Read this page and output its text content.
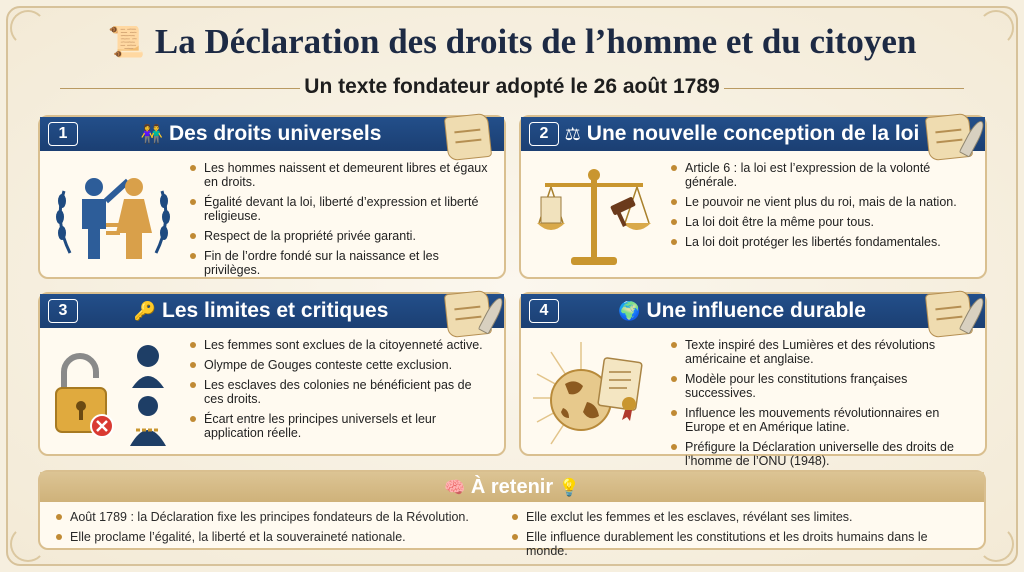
📜 La Déclaration des droits de l’homme et du citoyen
Un texte fondateur adopté le 26 août 1789
1	👫 Des droits universels
Les hommes naissent et demeurent libres et égaux en droits.
Égalité devant la loi, liberté d’expression et liberté religieuse.
Respect de la propriété privée garanti.
Fin de l’ordre fondé sur la naissance et les privilèges.
2 ⚖ Une nouvelle conception de la loi
Article 6 : la loi est l’expression de la volonté générale.
Le pouvoir ne vient plus du roi, mais de la nation.
La loi doit être la même pour tous.
La loi doit protéger les libertés fondamentales.
3	🔑 Les limites et critiques
Les femmes sont exclues de la citoyenneté active.
Olympe de Gouges conteste cette exclusion.
Les esclaves des colonies ne bénéficient pas de ces droits.
Écart entre les principes universels et leur application réelle.
4	🌍 Une influence durable
Texte inspiré des Lumières et des révolutions américaine et anglaise.
Modèle pour les constitutions françaises successives.
Influence les mouvements révolutionnaires en Europe et en Amérique latine.
Préfigure la Déclaration universelle des droits de l’homme de l’ONU (1948).
🧠 À retenir 💡
Août 1789 : la Déclaration fixe les principes fondateurs de la Révolution.
Elle proclame l’égalité, la liberté et la souveraineté nationale.
Elle exclut les femmes et les esclaves, révélant ses limites.
Elle influence durablement les constitutions et les droits humains dans le monde.
